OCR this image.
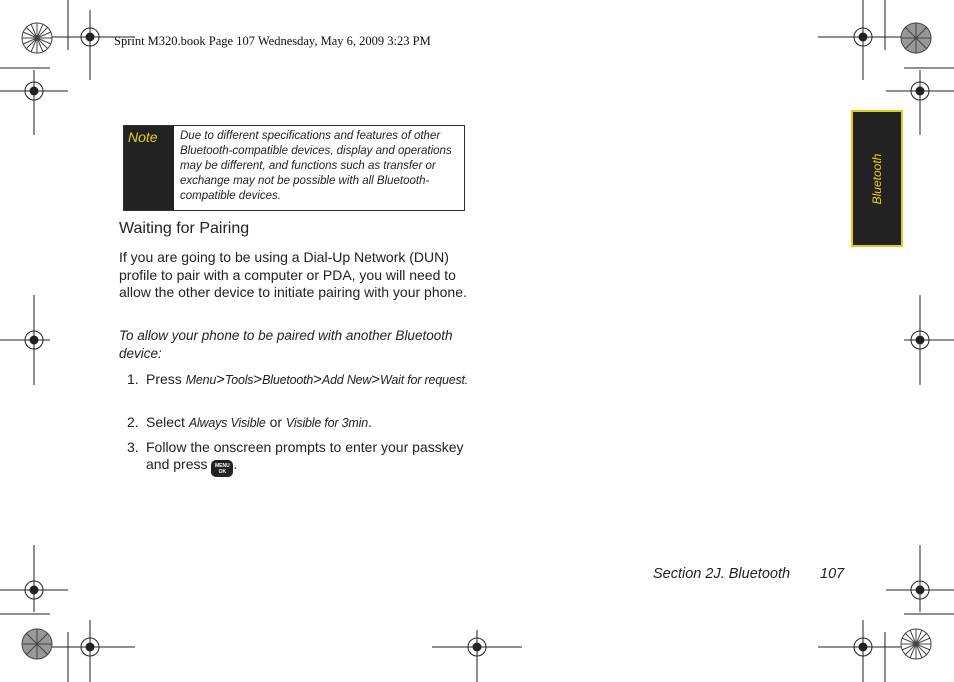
Sprint M320.book Page 107 Wednesday, May 6, 2009 3:23 PM
Note	Due to different specifications and features of other Bluetooth-compatible devices, display and operations may be different, and functions such as transfer or exchange may not be possible with all Bluetooth-compatible devices.
Waiting for Pairing
If you are going to be using a Dial-Up Network (DUN) profile to pair with a computer or PDA, you will need to allow the other device to initiate pairing with your phone.
To allow your phone to be paired with another Bluetooth device:
1. Press Menu>Tools>Bluetooth>Add New>Wait for request.
2. Select Always Visible or Visible for 3min.
3. Follow the onscreen prompts to enter your passkey and press MENU
OK .
Bluetooth
Section 2J. Bluetooth 107
